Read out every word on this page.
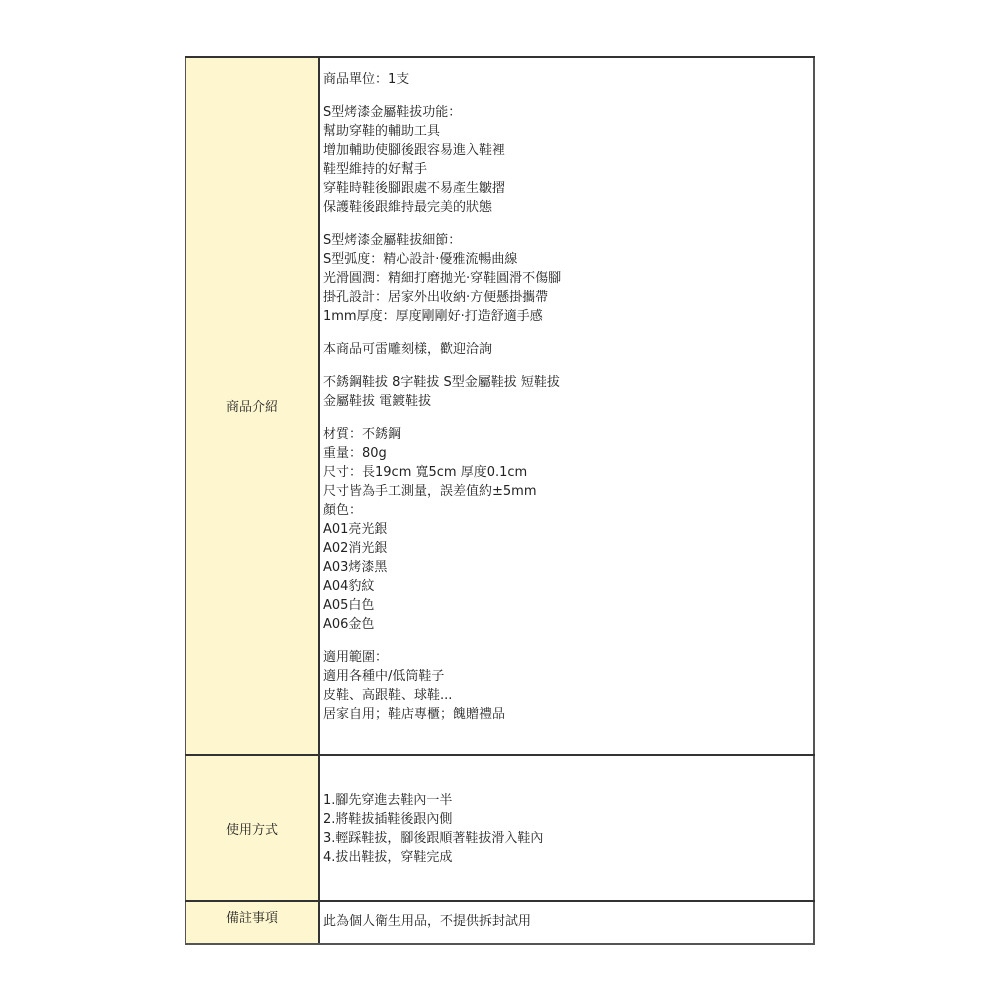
商品介紹
商品單位：1支
S型烤漆金屬鞋拔功能：
幫助穿鞋的輔助工具
增加輔助使腳後跟容易進入鞋裡
鞋型維持的好幫手
穿鞋時鞋後腳跟處不易產生皺摺
保護鞋後跟維持最完美的狀態
S型烤漆金屬鞋拔細節：
S型弧度：精心設計‧優雅流暢曲線
光滑圓潤：精細打磨拋光‧穿鞋圓滑不傷腳
掛孔設計：居家外出收納‧方便懸掛攜帶
1mm厚度：厚度剛剛好‧打造舒適手感
本商品可雷雕刻樣，歡迎洽詢
不銹鋼鞋拔 8字鞋拔 S型金屬鞋拔 短鞋拔
金屬鞋拔 電鍍鞋拔
材質：不銹鋼
重量：80g
尺寸：長19cm 寬5cm 厚度0.1cm
尺寸皆為手工測量，誤差值約±5mm
顏色：
A01亮光銀
A02消光銀
A03烤漆黑
A04豹紋
A05白色
A06金色
適用範圍：
適用各種中/低筒鞋子
皮鞋、高跟鞋、球鞋...
居家自用；鞋店專櫃；餽贈禮品
使用方式
1.腳先穿進去鞋內一半
2.將鞋拔插鞋後跟內側
3.輕踩鞋拔，腳後跟順著鞋拔滑入鞋內
4.拔出鞋拔，穿鞋完成
備註事項	此為個人衛生用品，不提供拆封試用
